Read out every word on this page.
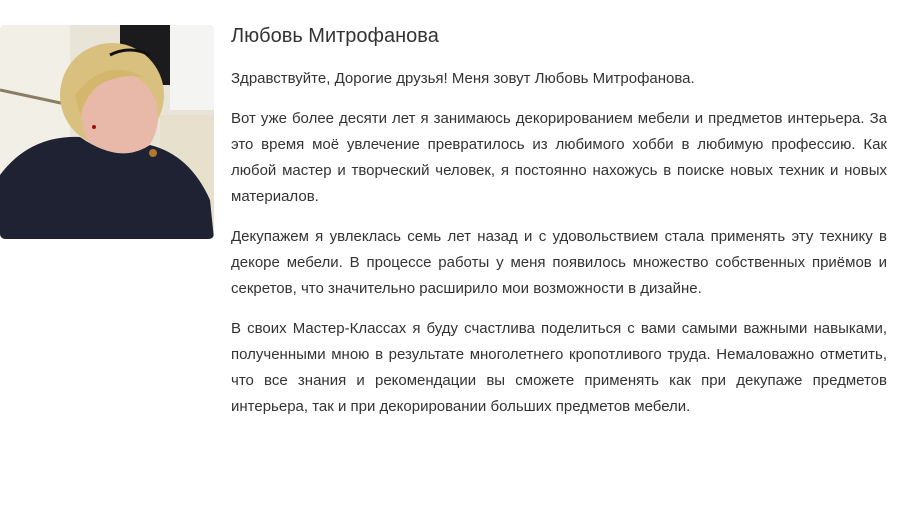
Любовь Митрофанова

Здравствуйте, Дорогие друзья! Меня зовут Любовь Митрофанова.

Вот уже более десяти лет я занимаюсь декорированием мебели и предметов интерьера. За это время моё увлечение превратилось из любимого хобби в любимую профессию. Как любой мастер и творческий человек, я постоянно нахожусь в поиске новых техник и новых материалов.

Декупажем я увлеклась семь лет назад и с удовольствием стала применять эту технику в декоре мебели. В процессе работы у меня появилось множество собственных приёмов и секретов, что значительно расширило мои возможности в дизайне.

В своих Мастер-Классах я буду счастлива поделиться с вами самыми важными навыками, полученными мною в результате многолетнего кропотливого труда. Немаловажно отметить, что все знания и рекомендации вы сможете применять как при декупаже предметов интерьера, так и при декорировании больших предметов мебели.
